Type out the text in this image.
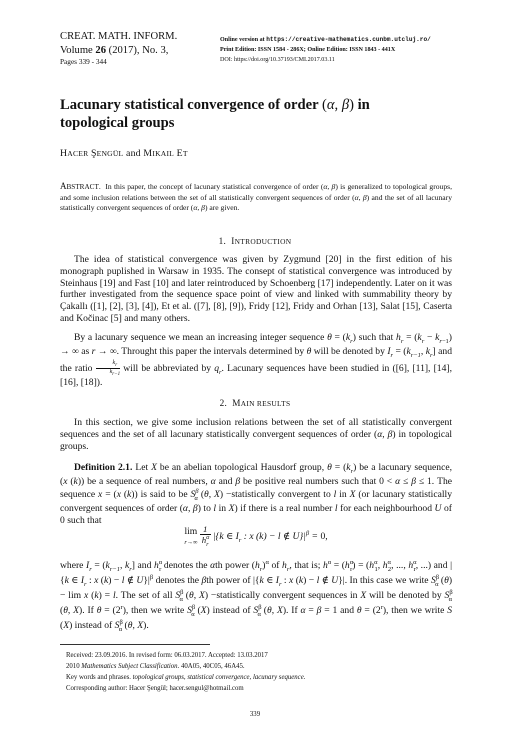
CREAT. MATH. INFORM.
Volume 26 (2017), No. 3,
Pages 339 - 344
Online version at https://creative-mathematics.cunbm.utcluj.ro/
Print Edition: ISSN 1584 - 286X; Online Edition: ISSN 1843 - 441X
DOI: https://doi.org/10.37193/CMI.2017.03.11
Lacunary statistical convergence of order (α, β) in topological groups
HACER ŞENGÜL and MIKAIL ET

ABSTRACT.  In this paper, the concept of lacunary statistical convergence of order (α, β) is generalized to topological groups, and some inclusion relations between the set of all statistically convergent sequences of order (α, β) and the set of all lacunary statistically convergent sequences of order (α, β) are given.

1.  INTRODUCTION

The idea of statistical convergence was given by Zygmund [20] in the first edition of his monograph puplished in Warsaw in 1935. The consept of statistical convergence was introduced by Steinhaus [19] and Fast [10] and later reintroduced by Schoenberg [17] independently. Later on it was further investigated from the sequence space point of view and linked with summability theory by Çakallı ([1], [2], [3], [4]), Et et al. ([7], [8], [9]), Fridy [12], Fridy and Orhan [13], Salat [15], Caserta and Kočinac [5] and many others.

By a lacunary sequence we mean an increasing integer sequence $\theta = (k_r)$ such that $h_r = (k_r - k_{r-1})$ → ∞ as r → ∞. Throught this paper the intervals determined by θ will be denoted by $I_r = (k_{r-1}$, $k_r$] and the ratio $\frac{k_r}{k_{r-1}}$ will be abbreviated by $q_r$. Lacunary sequences have been studied in ([6], [11], [14], [16], [18]).

2.  MAIN RESULTS

In this section, we give some inclusion relations between the set of all statistically convergent sequences and the set of all lacunary statistically convergent sequences of order (α, β) in topological groups.

Definition 2.1. Let X be an abelian topological Hausdorf group, $\theta = (k_r)$ be a lacunary sequence, (x (k)) be a sequence of real numbers, α and β be positive real numbers such that 0 < α ≤ β ≤ 1. The sequence x = (x (k)) is said to be $S^\beta_\alpha$ (θ, X) −statistically convergent to l in X (or lacunary statistically convergent sequences of order (α, β) to l in X) if there is a real number l for each neighbourhood U of 0 such that

lim
r→∞ 1
$h^\alpha_r$ |{k ∈ $I_r$ : x (k) − l ∉ $U\}|^\beta = 0$,

where $I_r = (k_{r-1}$, $k_r$] and $h^\alpha_r$ denotes the αth power $(h_r)^\alpha$ of $h_r$, that is; $h^\alpha = (h^\alpha_r) = (h^\alpha_1$, $h^\alpha_2$, ..., $h^\alpha_r$, ...) and |{k ∈ $I_r$ : x (k) − l ∉ $U\}|^\beta$ denotes the βth power of |{k ∈ $I_r$ : x (k) − l ∉ U}|. In this case we write $S^\beta_\alpha$ (θ) − lim x (k) = l. The set of all $S^\beta_\alpha$ (θ, X) −statistically convergent sequences in X will be denoted by $S^\beta_\alpha$ (θ, X). If $\theta = (2^r)$, then we write $S^\beta_\alpha$ (X) instead of $S^\beta_\alpha$ (θ, X). If α = β = 1 and $\theta = (2^r)$, then we write S (X) instead of $S^\beta_\alpha$ (θ, X).

Received: 23.09.2016. In revised form: 06.03.2017. Accepted: 13.03.2017
2010 Mathematics Subject Classification. 40A05, 40C05, 46A45.
Key words and phrases. topological groups, statistical convergence, lacunary sequence.
Corresponding author: Hacer Şengül; hacer.sengul@hotmail.com
339
